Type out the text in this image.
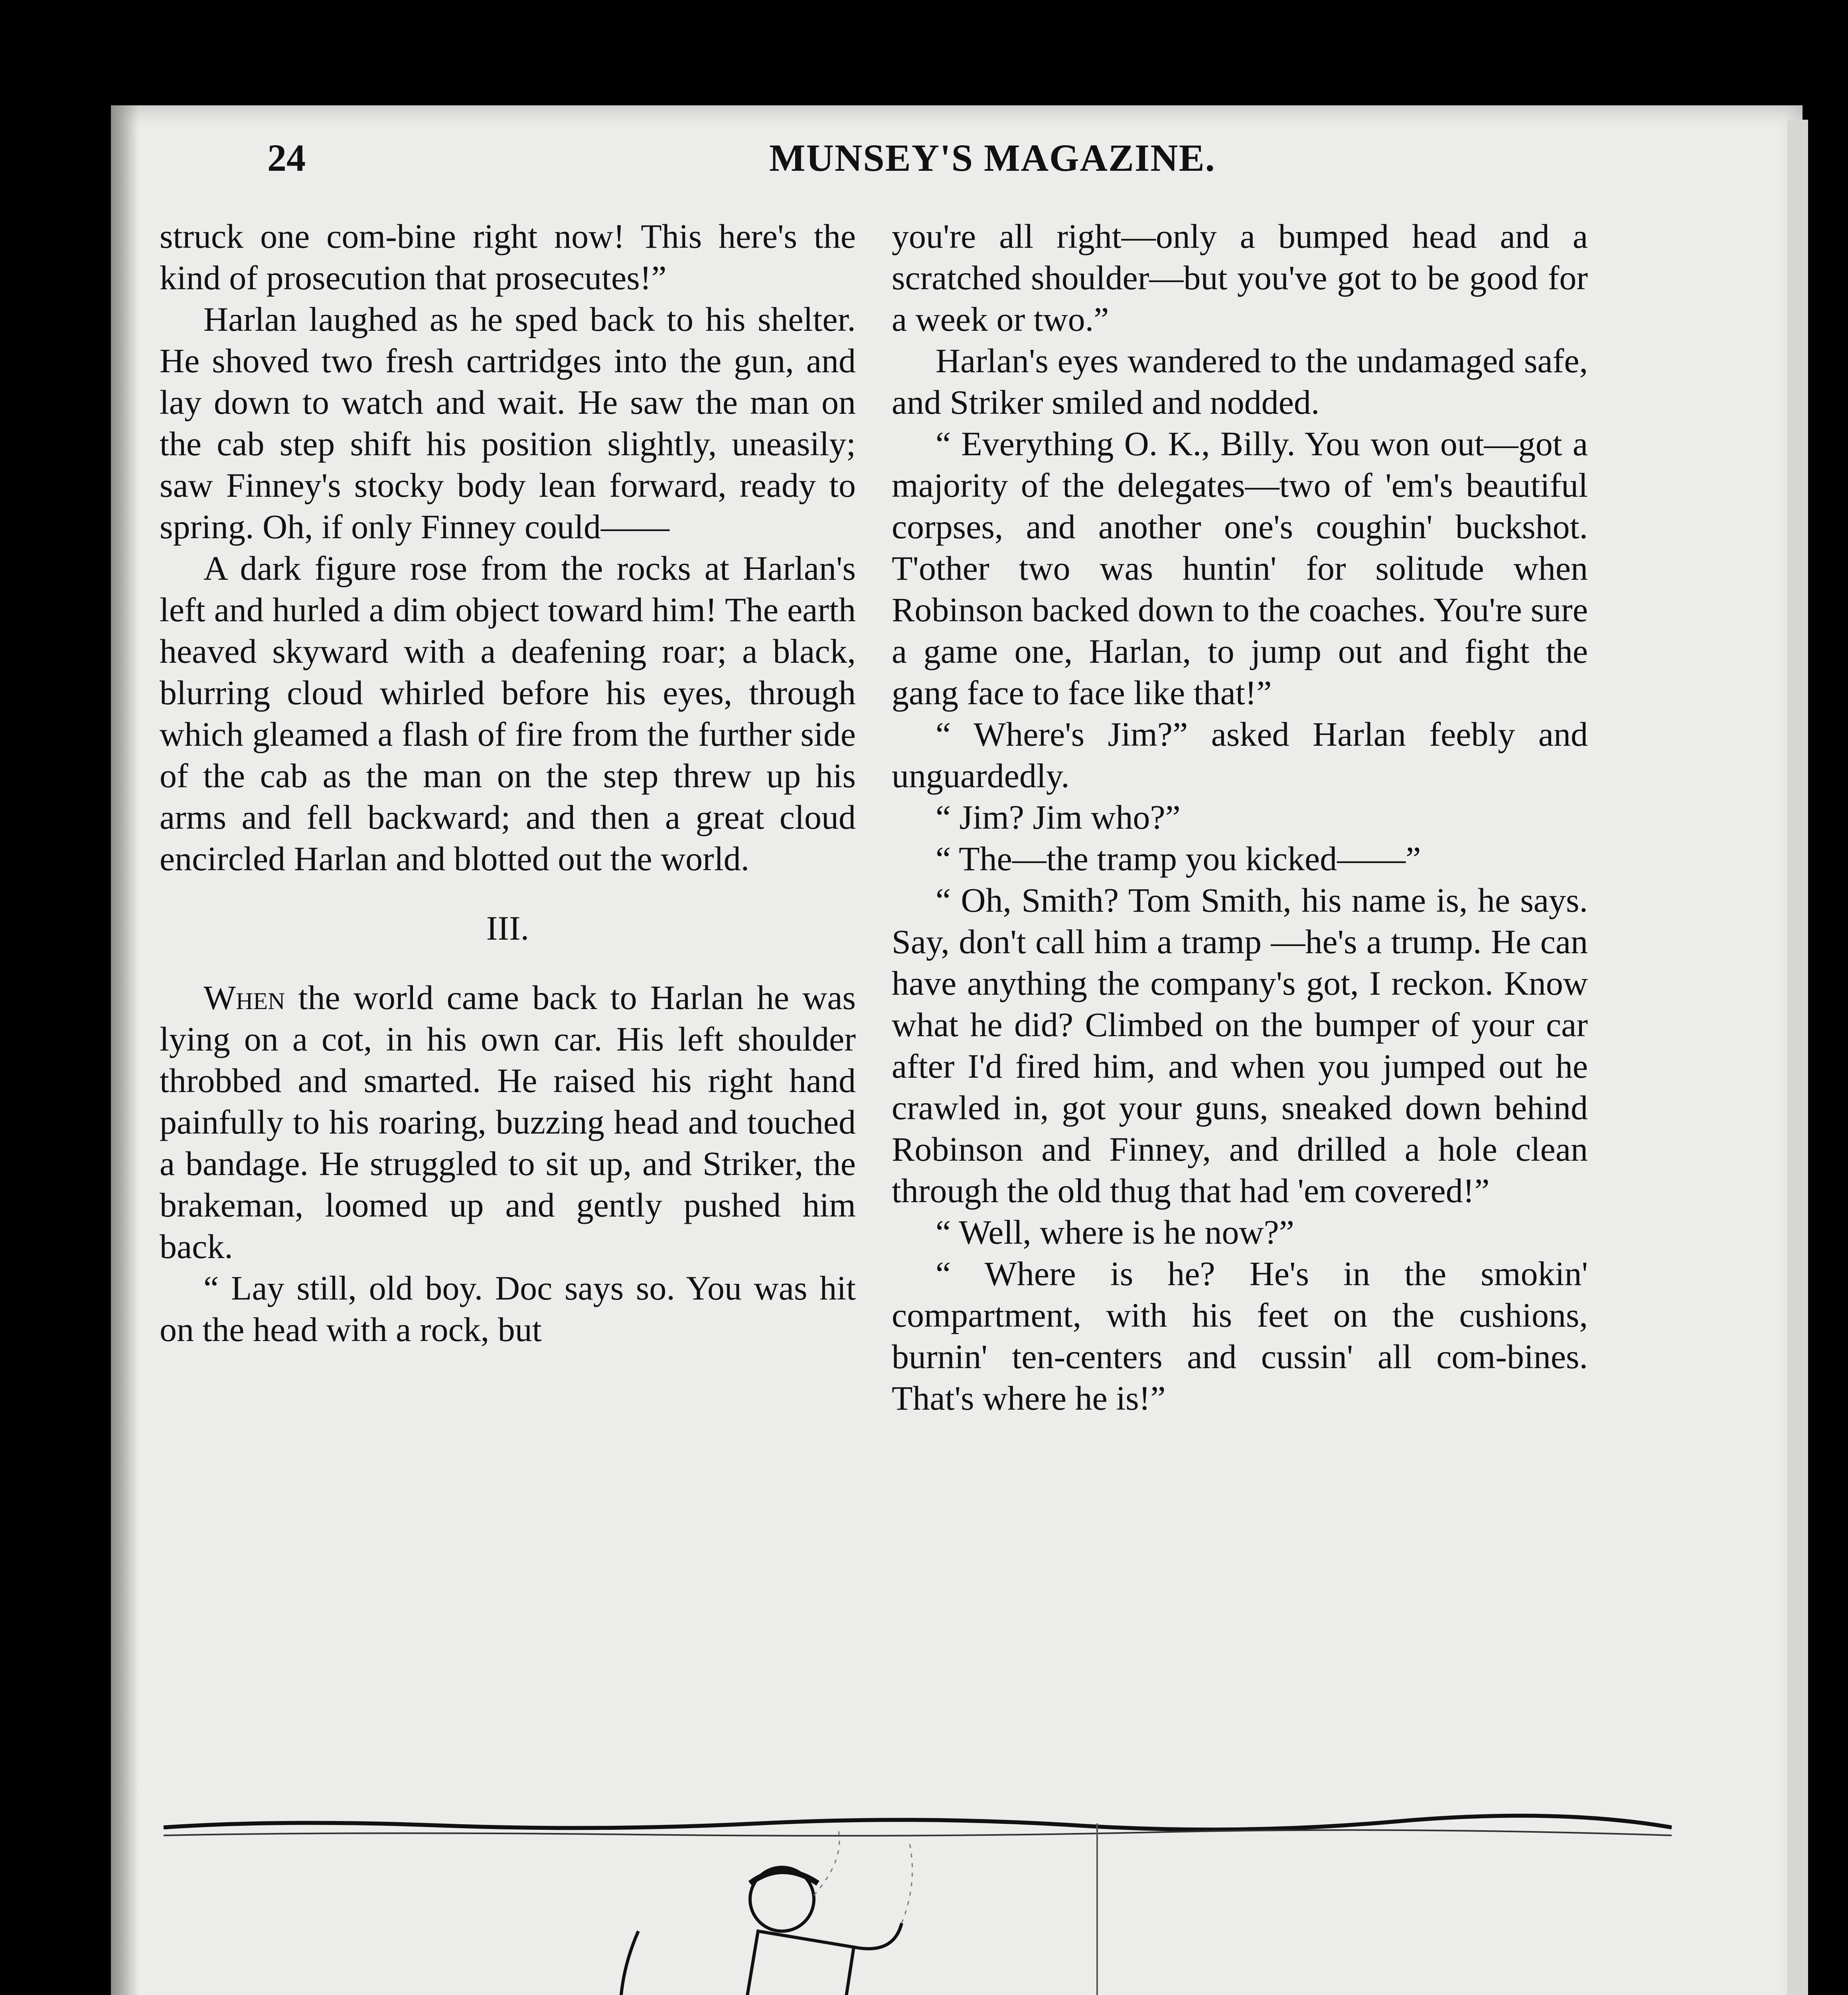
24	MUNSEY'S MAGAZINE.

struck one com-bine right now! This here's the kind of prosecution that prosecutes!”

Harlan laughed as he sped back to his shelter. He shoved two fresh cartridges into the gun, and lay down to watch and wait. He saw the man on the cab step shift his position slightly, uneasily; saw Finney's stocky body lean forward, ready to spring. Oh, if only Finney could——

A dark figure rose from the rocks at Harlan's left and hurled a dim object toward him! The earth heaved skyward with a deafening roar; a black, blurring cloud whirled before his eyes, through which gleamed a flash of fire from the further side of the cab as the man on the step threw up his arms and fell backward; and then a great cloud encircled Harlan and blotted out the world.

III.

When the world came back to Harlan he was lying on a cot, in his own car. His left shoulder throbbed and smarted. He raised his right hand painfully to his roaring, buzzing head and touched a bandage. He struggled to sit up, and Striker, the brakeman, loomed up and gently pushed him back.

“ Lay still, old boy. Doc says so. You was hit on the head with a rock, but

you're all right—only a bumped head and a scratched shoulder—but you've got to be good for a week or two.”

Harlan's eyes wandered to the undamaged safe, and Striker smiled and nodded.

“ Everything O. K., Billy. You won out—got a majority of the delegates—two of 'em's beautiful corpses, and another one's coughin' buckshot. T'other two was huntin' for solitude when Robinson backed down to the coaches. You're sure a game one, Harlan, to jump out and fight the gang face to face like that!”

“ Where's Jim?” asked Harlan feebly and unguardedly.

“ Jim? Jim who?”

“ The—the tramp you kicked——”

“ Oh, Smith? Tom Smith, his name is, he says. Say, don't call him a tramp —he's a trump. He can have anything the company's got, I reckon. Know what he did? Climbed on the bumper of your car after I'd fired him, and when you jumped out he crawled in, got your guns, sneaked down behind Robinson and Finney, and drilled a hole clean through the old thug that had 'em covered!”

“ Well, where is he now?”

“ Where is he? He's in the smokin' compartment, with his feet on the cushions, burnin' ten-centers and cussin' all com-bines. That's where he is!”
